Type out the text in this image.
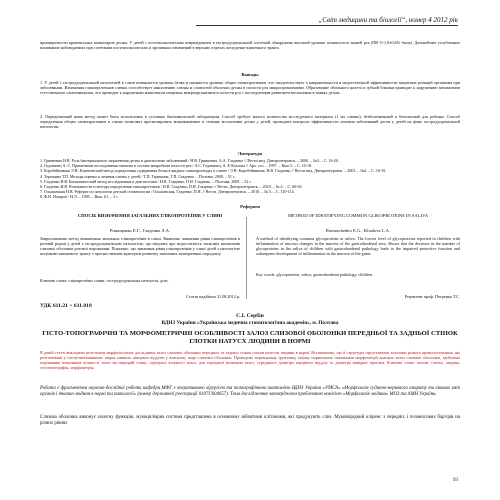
„Світ медицини та біології“, номер 4 2012 рік
проницаемости кровеносных капилляров десны. У детей с постгипоксическим повреждением в гастродуоденальной системой обнаружено высокий уровень поликистоза тканей рта (ПВ 5+1,9±0,6% была). Дальнейшее углубленное понимание наблюдаемых при сочетании постгипоксических и эрозивных изменений в верхних отделах желудочно-кишечного тракта.
Выводы
1. У детей с гастродуоденальной патологией в слизи повышается уровень белка и снижается уровень общих гликопротеинов, что свидетельствует о направленности и недостаточной эффективности защитных реакций организма при заболевании. Изменения гликопротеинов слюны способствует накоплению слюны и слизистой оболочки десны в полости рта микроорганизмами. Образование обильного налета и зубной бляшки приводит к нарушению механизмов естественного самоочищения, что приводит к нарушению комплексов пищевых микроорганизмов в полости рта с последующим развитием воспаления в тканях десны.
2. Определяемый нами метод может быть использован в условиях биохимической лаборатории. Способ требует малого количества исследуемого материала (1 мл слюны), безболезненный и безопасный для ребенка. Способ определения общих гликопротеинов в слюне позволяет прогнозировать возникновение и течение воспаления десны у детей, проводить контроль эффективности лечения заболеваний десен у детей на фоне гастродуоденальной патологии.
Литература
1. Гринкевич Н.В. Роль бактериального загрязнения десны в диагностике заболеваний / Н.В. Гринкевич, А.А. Гладенко // Вести мед. Днепропетровск. – 2006. – №4. – С. 16-20.
2. Годованец А. С. Применение исследования глюкозы в составе микробиом полости рта / А.С. Годованец, А. Р. Козлова // Арх. сто. – 1997. – Вып 5. – С. 16-18.
3. Коробейникова Э.Н. Клинический метод определения содержания белка в жидких гликопротеидах в слюне / Э.Н. Коробейникова, Н.В. Гладенко // Вести мед. Днепропетровск. – 2001. – №4. – С. 16-19.
4. Терешина Т.П. Методы оценки и лечения слюны у детей / Т.П. Терешина, Т.П. Гладенко. – Полтава, 2008. – 51 с.
5. Гладенко Н.В. Биохимический метод исследования и диагностики / Н.В. Гладенко, П.Н. Гладенко. – Полтава, 2009. – 52 с.
6. Гладенко Н.В. Возможности и методы определения гликопротеинов / Н.В. Гладенко, П.Н. Гладенко // Вести. Днепропетровск. – 2010. – № 4. – С. 60-63.
7. Ольшанская Н.В. Реферат по патологии детской стоматологии / Ольшанская, Гладенко, П.Н. // Вести. Днепропетровск. – 2010. – № 5. – С. 110-114.
8. Ф.И. Назаров / Н.Э. – 1985. – Вып. 61. – 3 с.
Реферати
СПОСІБ ВИЗНАЧЕННЯ ЗАГАЛЬНИХ ГЛІКОПРОТЕЇНІВ У СЛИНІ
Ромащенко Е.Г., Гладенко Л.А.
Запропоновано метод визначення загальних глікопротеїнів в слині. Виявлено зниження рівня глікопротеїнів в ротовій рідині у дітей з гастродуоденальною патологією, що свідчить про недостатність захисних механізмів слизової оболонки ротової порожнини. Показано, що зниження рівня глікопротеїнів у слині дітей з патологією шлунково-кишкового тракту є прогностичним критерієм розвитку запальних захворювань пародонту.
Ключові слова: глікопротеїни слини, гастродуоденальна патологія, діти.
Стаття надійшла 31.08.2012 р.
METHOD OF IDENTIFYING COMMON GLIKOPROTEINS IN SALIVA
Romaschenko E.G., Kliadova L.A.
A method of identifying common glycoproteins in saliva. The lowest level of glycoproteins reported in children with inflammation of mucous changes in the mucosa of the gastroduodenal area. Shows that the decrease in the number of glycoproteins in the saliva of children with gastroduodenal pathology leads to the impaired protective function and subsequent development of inflammation in the mucosa of the gums.
Key words: glycoproteins, saliva, gastroduodenal pathology, children.
Рецензент проф. Петренко Т.С.
УДК 611.21 + 611.018
С.І. Сербін
ВДНЗ України «Українська медична стоматологічна академія», м. Полтава
ГІСТО-ТОПОГРАФІЧНІ ТА МОРФОМЕТРИЧНІ ОСОБЛИВОСТІ ЗАЛОЗ СЛИЗОВОЇ ОБОЛОНКИ ПЕРЕДНЬОЇ ТА ЗАДНЬОЇ СТІНОК ГЛОТКИ НАТУСХ ЛЮДИНИ В НОРМІ
В даній статті викладено результати морфологічних досліджень залоз слизової оболонки передньої та задньої стінок глотки натусхи людини в нормі. Встановлено, що її структура представлена залозами різного кровопостачання, які розташовані у сполучнотканинних шарах навколо кінцевих відділів у власному шарі слизової оболонки. Проведено порівняльну ґрунтовну оцінку нормальних показників морфометрії власних залоз слизової оболонки, здійснено порівняння показників кількості залоз на передній стінці, середньої кількості залоз, для середньої величини залоз, середнього діаметра кінцевого відділу та діаметра вивідної протоки. Ключові слова: залози, глотка, людина, гістотопографія, морфометрія.
Робота є фрагментом науково-дослідної роботи кафедри МФГ з оперативною хірургією та топографічною анатомією ВДНЗ України «УМСА» «Морфологія судинно-нервового апарату та вікових змін органів і тканин людини в нормі та патології» (номер державної реєстрації 0107U004657). Тема дослідження затверджена проблемною комісією «Морфологія людини» МОЗ та АМН України.
Слизова оболонка виконує захисну функцію, мукоциліарна система представлена в основному війчатими клітинами, які продукують слиз. Муковіцидний кліренс з передніх і позаносових бар'єрів на різних рівнях
93
